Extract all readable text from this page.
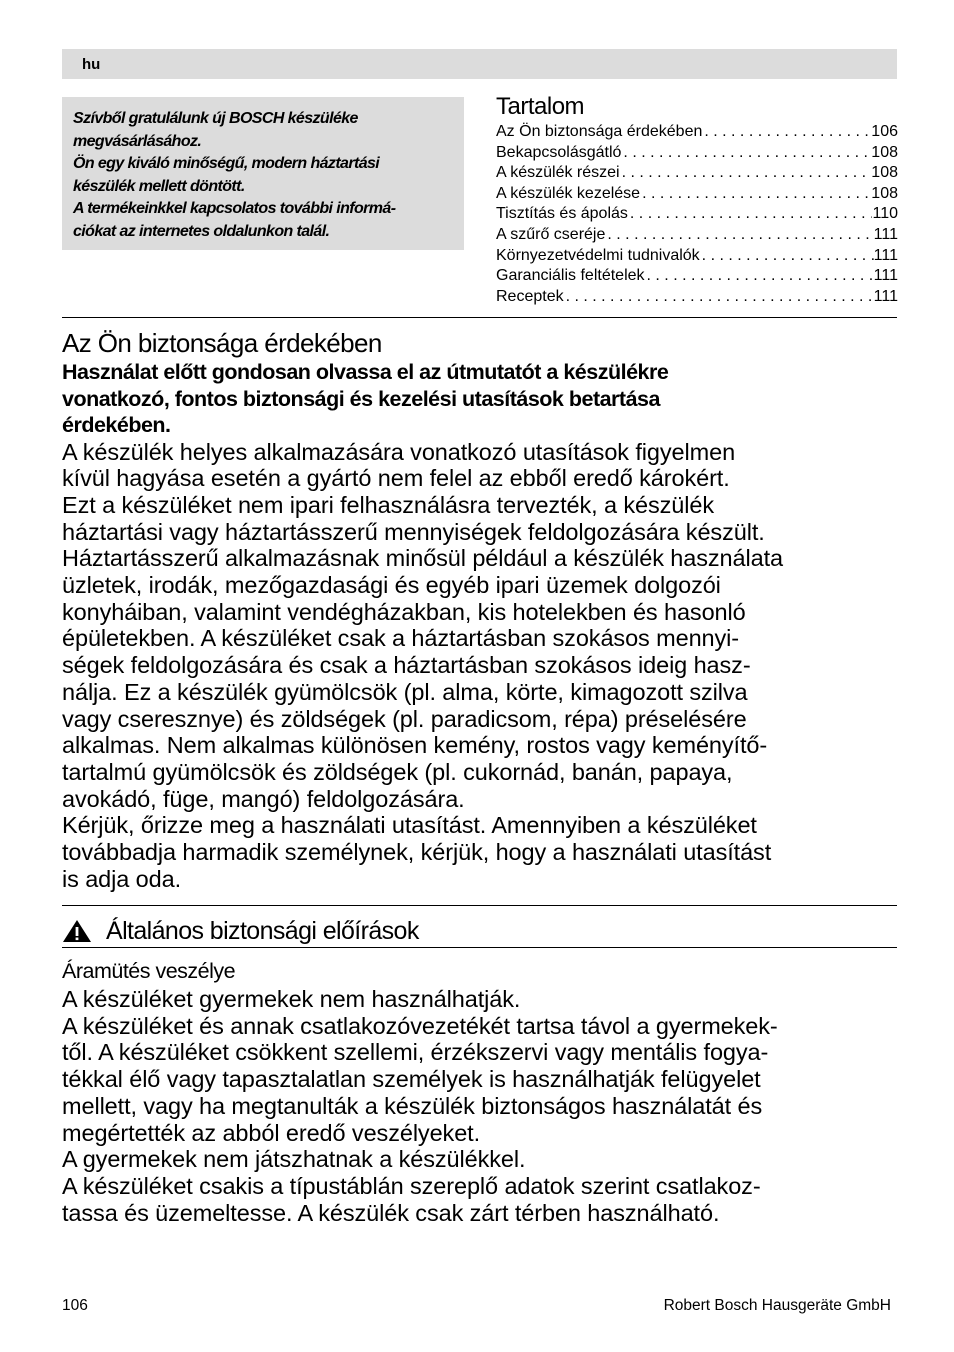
hu

Szívből gratulálunk új BOSCH készüléke

megvásárlásához.

Ön egy kiváló minőségű, modern háztartási

készülék mellett döntött.

A termékeinkkel kapcsolatos további informá-

ciókat az internetes oldalunkon talál.

Tartalom
Az Ön biztonsága érdekében . . .	106
Bekapcsolásgátló . . .	108
A készülék részei . . .	108
A készülék kezelése . . .	108
Tisztítás és ápolás . . .	110
A szűrő cseréje . . .	111
Környezetvédelmi tudnivalók . . .	111
Garanciális feltételek . . .	111
Receptek . . .	111
Az Ön biztonsága érdekében

Használat előtt gondosan olvassa el az útmutatót a készülékre

vonatkozó, fontos biztonsági és kezelési utasítások betartása

érdekében.

A készülék helyes alkalmazására vonatkozó utasítások figyelmen

kívül hagyása esetén a gyártó nem felel az ebből eredő károkért.

Ezt a készüléket nem ipari felhasználásra tervezték, a készülék

háztartási vagy háztartásszerű mennyiségek feldolgozására készült.

Háztartásszerű alkalmazásnak minősül például a készülék használata

üzletek, irodák, mezőgazdasági és egyéb ipari üzemek dolgozói

konyháiban, valamint vendégházakban, kis hotelekben és hasonló

épületekben. A készüléket csak a háztartásban szokásos mennyi-

ségek feldolgozására és csak a háztartásban szokásos ideig hasz-

nálja. Ez a készülék gyümölcsök (pl. alma, körte, kimagozott szilva

vagy cseresznye) és zöldségek (pl. paradicsom, répa) préselésére

alkalmas. Nem alkalmas különösen kemény, rostos vagy keményítő-

tartalmú gyümölcsök és zöldségek (pl. cukornád, banán, papaya,

avokádó, füge, mangó) feldolgozására.

Kérjük, őrizze meg a használati utasítást. Amennyiben a készüléket

továbbadja harmadik személynek, kérjük, hogy a használati utasítást

is adja oda.

Általános biztonsági előírások
Áramütés veszélye

A készüléket gyermekek nem használhatják.

A készüléket és annak csatlakozóvezetékét tartsa távol a gyermekek-

től. A készüléket csökkent szellemi, érzékszervi vagy mentális fogya-

tékkal élő vagy tapasztalatlan személyek is használhatják felügyelet

mellett, vagy ha megtanulták a készülék biztonságos használatát és

megértették az abból eredő veszélyeket.

A gyermekek nem játszhatnak a készülékkel.

A készüléket csakis a típustáblán szereplő adatok szerint csatlakoz-

tassa és üzemeltesse. A készülék csak zárt térben használható.

106	Robert Bosch Hausgeräte GmbH
